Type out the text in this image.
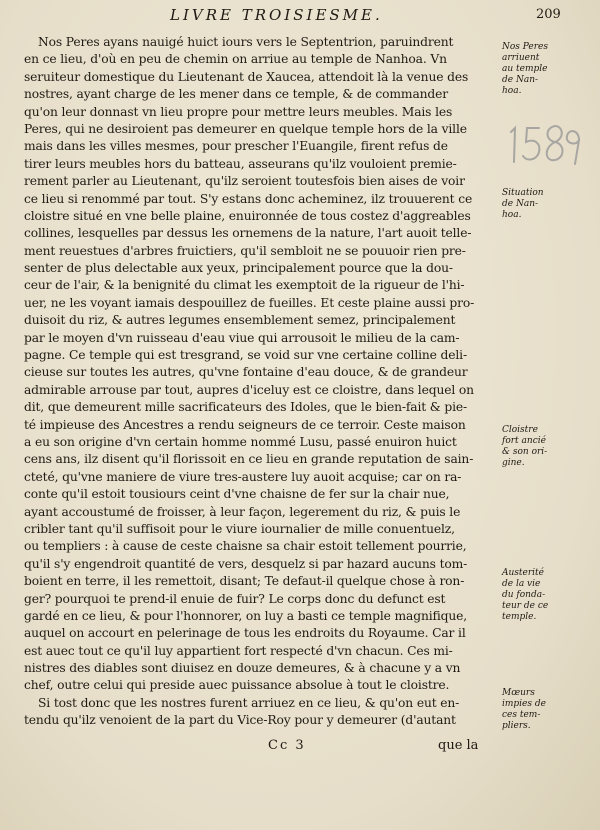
LIVRE TROISIESME.	209
Nos Peres ayans nauigé huict iours vers le Septentrion, paruindrent
en ce lieu, d'où en peu de chemin on arriue au temple de Nanhoa. Vn
seruiteur domestique du Lieutenant de Xaucea, attendoit là la venue des
nostres, ayant charge de les mener dans ce temple, & de commander
qu'on leur donnast vn lieu propre pour mettre leurs meubles. Mais les
Peres, qui ne desiroient pas demeurer en quelque temple hors de la ville
mais dans les villes mesmes, pour prescher l'Euangile, firent refus de
tirer leurs meubles hors du batteau, asseurans qu'ilz vouloient premie-
rement parler au Lieutenant, qu'ilz seroient toutesfois bien aises de voir
ce lieu si renommé par tout. S'y estans donc acheminez, ilz trouuerent ce
cloistre situé en vne belle plaine, enuironnée de tous costez d'aggreables
collines, lesquelles par dessus les ornemens de la nature, l'art auoit telle-
ment reuestues d'arbres fruictiers, qu'il sembloit ne se pouuoir rien pre-
senter de plus delectable aux yeux, principalement pource que la dou-
ceur de l'air, & la benignité du climat les exemptoit de la rigueur de l'hi-
uer, ne les voyant iamais despouillez de fueilles. Et ceste plaine aussi pro-
duisoit du riz, & autres legumes ensemblement semez, principalement
par le moyen d'vn ruisseau d'eau viue qui arrousoit le milieu de la cam-
pagne. Ce temple qui est tresgrand, se void sur vne certaine colline deli-
cieuse sur toutes les autres, qu'vne fontaine d'eau douce, & de grandeur
admirable arrouse par tout, aupres d'iceluy est ce cloistre, dans lequel on
dit, que demeurent mille sacrificateurs des Idoles, que le bien-fait & pie-
té impieuse des Ancestres a rendu seigneurs de ce terroir. Ceste maison
a eu son origine d'vn certain homme nommé Lusu, passé enuiron huict
cens ans, ilz disent qu'il florissoit en ce lieu en grande reputation de sain-
cteté, qu'vne maniere de viure tres-austere luy auoit acquise; car on ra-
conte qu'il estoit tousiours ceint d'vne chaisne de fer sur la chair nue,
ayant accoustumé de froisser, à leur façon, legerement du riz, & puis le
cribler tant qu'il suffisoit pour le viure iournalier de mille conuentuelz,
ou templiers : à cause de ceste chaisne sa chair estoit tellement pourrie,
qu'il s'y engendroit quantité de vers, desquelz si par hazard aucuns tom-
boient en terre, il les remettoit, disant; Te defaut-il quelque chose à ron-
ger? pourquoi te prend-il enuie de fuir? Le corps donc du defunct est
gardé en ce lieu, & pour l'honnorer, on luy a basti ce temple magnifique,
auquel on accourt en pelerinage de tous les endroits du Royaume. Car il
est auec tout ce qu'il luy appartient fort respecté d'vn chacun. Ces mi-
nistres des diables sont diuisez en douze demeures, & à chacune y a vn
chef, outre celui qui preside auec puissance absolue à tout le cloistre.
Si tost donc que les nostres furent arriuez en ce lieu, & qu'on eut en-
tendu qu'ilz venoient de la part du Vice-Roy pour y demeurer (d'autant
Nos Peres
arriuent
au temple
de Nan-
hoa.
Situation
de Nan-
hoa.
Cloistre
fort ancié
& son ori-
gine.
Austerité
de la vie
du fonda-
teur de ce
temple.
Mœurs
impies de
ces tem-
pliers.
Cc 3	que la
